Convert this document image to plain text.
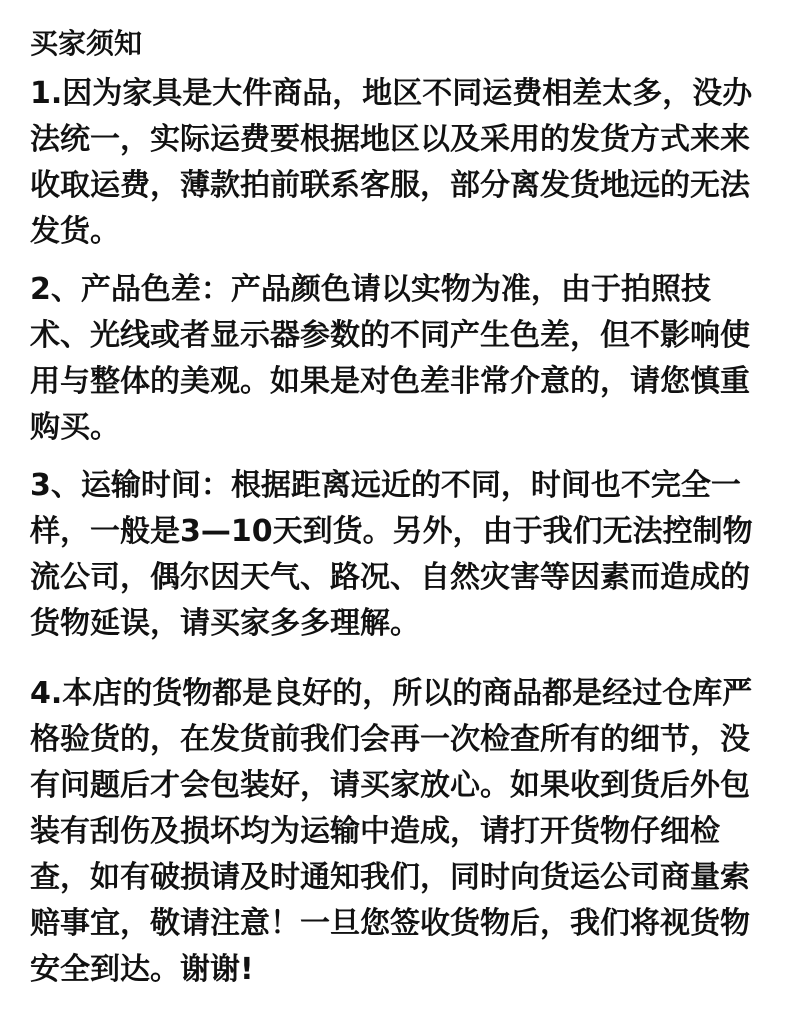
买家须知
1.因为家具是大件商品，地区不同运费相差太多，没办
法统一，实际运费要根据地区以及采用的发货方式来来
收取运费，薄款拍前联系客服，部分离发货地远的无法
发货。
2、产品色差：产品颜色请以实物为准，由于拍照技
术、光线或者显示器参数的不同产生色差，但不影响使
用与整体的美观。如果是对色差非常介意的，请您慎重
购买。
3、运输时间：根据距离远近的不同，时间也不完全一
样，一般是3—10天到货。另外，由于我们无法控制物
流公司，偶尔因天气、路况、自然灾害等因素而造成的
货物延误，请买家多多理解。
4.本店的货物都是良好的，所以的商品都是经过仓库严
格验货的，在发货前我们会再一次检查所有的细节，没
有问题后才会包装好，请买家放心。如果收到货后外包
装有刮伤及损坏均为运输中造成，请打开货物仔细检
查，如有破损请及时通知我们，同时向货运公司商量索
赔事宜，敬请注意！一旦您签收货物后，我们将视货物
安全到达。谢谢!
